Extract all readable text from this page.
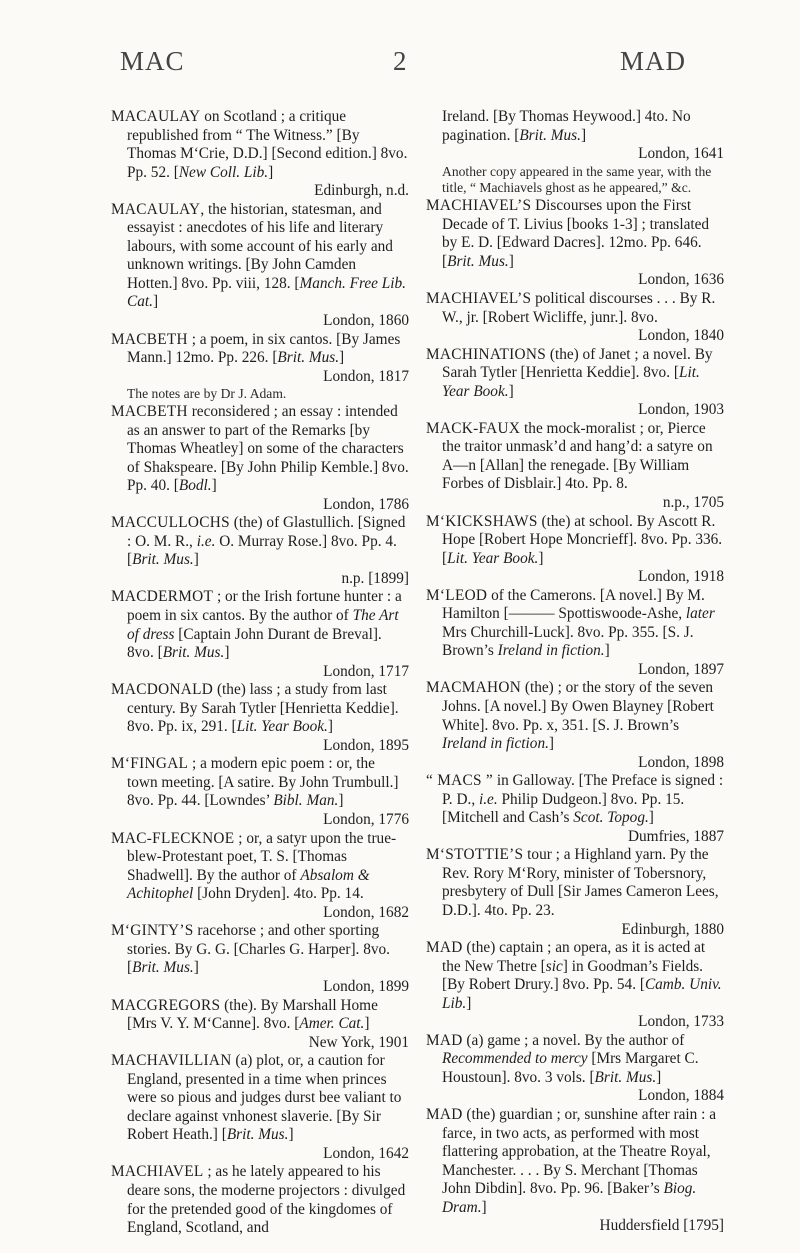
MAC	2	MAD

MACAULAY on Scotland ; a critique republished from “ The Witness.” [By Thomas M‘Crie, D.D.] [Second edition.] 8vo. Pp. 52. [New Coll. Lib.]
Edinburgh, n.d.

MACAULAY, the historian, statesman, and essayist : anecdotes of his life and literary labours, with some account of his early and unknown writings. [By John Camden Hotten.] 8vo. Pp. viii, 128. [Manch. Free Lib. Cat.]
London, 1860

MACBETH ; a poem, in six cantos. [By James Mann.] 12mo. Pp. 226. [Brit. Mus.]
London, 1817

The notes are by Dr J. Adam.

MACBETH reconsidered ; an essay : intended as an answer to part of the Remarks [by Thomas Wheatley] on some of the characters of Shakspeare. [By John Philip Kemble.] 8vo. Pp. 40. [Bodl.]
London, 1786

MACCULLOCHS (the) of Glastullich. [Signed : O. M. R., i.e. O. Murray Rose.] 8vo. Pp. 4. [Brit. Mus.]
n.p. [1899]

MACDERMOT ; or the Irish fortune hunter : a poem in six cantos. By the author of The Art of dress [Captain John Durant de Breval]. 8vo. [Brit. Mus.]
London, 1717

MACDONALD (the) lass ; a study from last century. By Sarah Tytler [Henrietta Keddie]. 8vo. Pp. ix, 291. [Lit. Year Book.]
London, 1895

M‘FINGAL ; a modern epic poem : or, the town meeting. [A satire. By John Trumbull.] 8vo. Pp. 44. [Lowndes’ Bibl. Man.]
London, 1776

MAC-FLECKNOE ; or, a satyr upon the true-blew-Protestant poet, T. S. [Thomas Shadwell]. By the author of Absalom & Achitophel [John Dryden]. 4to. Pp. 14.
London, 1682

M‘GINTY’S racehorse ; and other sporting stories. By G. G. [Charles G. Harper]. 8vo. [Brit. Mus.]
London, 1899

MACGREGORS (the). By Marshall Home [Mrs V. Y. M‘Canne]. 8vo. [Amer. Cat.]
New York, 1901

MACHAVILLIAN (a) plot, or, a caution for England, presented in a time when princes were so pious and judges durst bee valiant to declare against vnhonest slaverie. [By Sir Robert Heath.] [Brit. Mus.]
London, 1642

MACHIAVEL ; as he lately appeared to his deare sons, the moderne projectors : divulged for the pretended good of the kingdomes of England, Scotland, and

Ireland. [By Thomas Heywood.] 4to. No pagination. [Brit. Mus.]
London, 1641

Another copy appeared in the same year, with the title, “ Machiavels ghost as he appeared,” &c.

MACHIAVEL’S Discourses upon the First Decade of T. Livius [books 1-3] ; translated by E. D. [Edward Dacres]. 12mo. Pp. 646. [Brit. Mus.]
London, 1636

MACHIAVEL’S political discourses . . . By R. W., jr. [Robert Wicliffe, junr.]. 8vo.
London, 1840

MACHINATIONS (the) of Janet ; a novel. By Sarah Tytler [Henrietta Keddie]. 8vo. [Lit. Year Book.]
London, 1903

MACK-FAUX the mock-moralist ; or, Pierce the traitor unmask’d and hang’d: a satyre on A—n [Allan] the renegade. [By William Forbes of Disblair.] 4to. Pp. 8.
n.p., 1705

M‘KICKSHAWS (the) at school. By Ascott R. Hope [Robert Hope Moncrieff]. 8vo. Pp. 336. [Lit. Year Book.]
London, 1918

M‘LEOD of the Camerons. [A novel.] By M. Hamilton [——— Spottiswoode-Ashe, later Mrs Churchill-Luck]. 8vo. Pp. 355. [S. J. Brown’s Ireland in fiction.]
London, 1897

MACMAHON (the) ; or the story of the seven Johns. [A novel.] By Owen Blayney [Robert White]. 8vo. Pp. x, 351. [S. J. Brown’s Ireland in fiction.]
London, 1898

“ MACS ” in Galloway. [The Preface is signed : P. D., i.e. Philip Dudgeon.] 8vo. Pp. 15. [Mitchell and Cash’s Scot. Topog.]
Dumfries, 1887

M‘STOTTIE’S tour ; a Highland yarn. Py the Rev. Rory M‘Rory, minister of Tobersnory, presbytery of Dull [Sir James Cameron Lees, D.D.]. 4to. Pp. 23.
Edinburgh, 1880

MAD (the) captain ; an opera, as it is acted at the New Thetre [sic] in Goodman’s Fields. [By Robert Drury.] 8vo. Pp. 54. [Camb. Univ. Lib.]
London, 1733

MAD (a) game ; a novel. By the author of Recommended to mercy [Mrs Margaret C. Houstoun]. 8vo. 3 vols. [Brit. Mus.]
London, 1884

MAD (the) guardian ; or, sunshine after rain : a farce, in two acts, as performed with most flattering approbation, at the Theatre Royal, Manchester. . . . By S. Merchant [Thomas John Dibdin]. 8vo. Pp. 96. [Baker’s Biog. Dram.]
Huddersfield [1795]
